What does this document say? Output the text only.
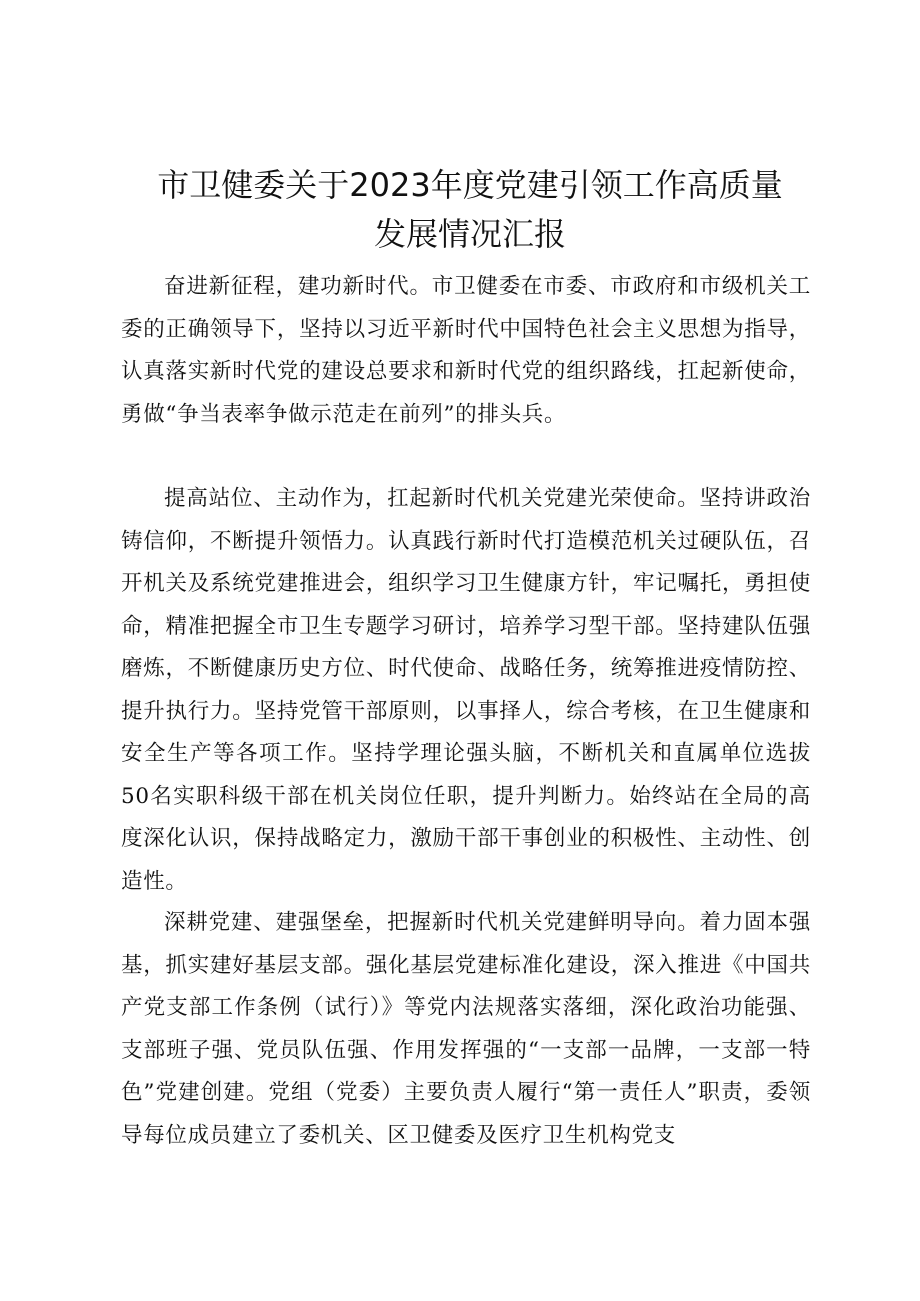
市卫健委关于2023年度党建引领工作高质量
发展情况汇报

奋进新征程，建功新时代。市卫健委在市委、市政府和市级机关工委的正确领导下，坚持以习近平新时代中国特色社会主义思想为指导，认真落实新时代党的建设总要求和新时代党的组织路线，扛起新使命，勇做“争当表率争做示范走在前列”的排头兵。

提高站位、主动作为，扛起新时代机关党建光荣使命。坚持讲政治铸信仰，不断提升领悟力。认真践行新时代打造模范机关过硬队伍，召开机关及系统党建推进会，组织学习卫生健康方针，牢记嘱托，勇担使命，精准把握全市卫生专题学习研讨，培养学习型干部。坚持建队伍强磨炼，不断健康历史方位、时代使命、战略任务，统筹推进疫情防控、提升执行力。坚持党管干部原则，以事择人，综合考核，在卫生健康和安全生产等各项工作。坚持学理论强头脑，不断机关和直属单位选拔50名实职科级干部在机关岗位任职，提升判断力。始终站在全局的高度深化认识，保持战略定力，激励干部干事创业的积极性、主动性、创造性。

深耕党建、建强堡垒，把握新时代机关党建鲜明导向。着力固本强基，抓实建好基层支部。强化基层党建标准化建设，深入推进《中国共产党支部工作条例（试行）》等党内法规落实落细，深化政治功能强、支部班子强、党员队伍强、作用发挥强的“一支部一品牌，一支部一特色”党建创建。党组（党委）主要负责人履行“第一责任人”职责，委领导每位成员建立了委机关、区卫健委及医疗卫生机构党支
